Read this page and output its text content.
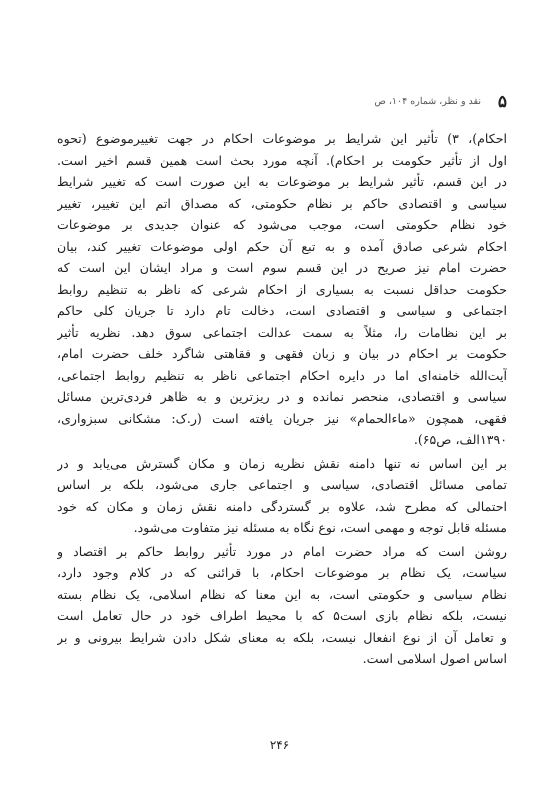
۵
نقد و نظر، شماره ۱۰۴، ص
احکام)، ۳) تأثیر این شرایط بر موضوعات احکام در جهت تغییرموضوع (تحوه
اول از تأثیر حکومت بر احکام). آنچه مورد بحث است همین قسم اخیر است.
در این قسم، تأثیر شرایط بر موضوعات به این صورت است که تغییر شرایط
سیاسی و اقتصادی حاکم بر نظام حکومتی، که مصداق اتم این تغییر، تغییر
خود نظام حکومتی است، موجب می‌شود که عنوان جدیدی بر موضوعات
احکام شرعی صادق آمده و به تبع آن حکم اولی موضوعات تغییر کند، بیان
حضرت امام نیز صریح در این قسم سوم است و مراد ایشان این است که
حکومت حداقل نسبت به بسیاری از احکام شرعی که ناظر به تنظیم روابط
اجتماعی و سیاسی و اقتصادی است، دخالت تام دارد تا جریان کلی حاکم
بر این نظامات را، مثلاً به سمت عدالت اجتماعی سوق دهد. نظریه تأثیر
حکومت بر احکام در بیان و زبان فقهی و فقاهتی شاگرد خلف حضرت امام،
آیت‌الله خامنه‌ای اما در دایره احکام اجتماعی ناظر به تنظیم روابط اجتماعی،
سیاسی و اقتصادی، منحصر نمانده و در ریزترین و به ظاهر فردی‌ترین مسائل
فقهی، همچون «ماءالحمام» نیز جریان یافته است (ر.ک: مشکانی سبزواری،
۱۳۹۰الف، ص۶۵).
بر این اساس نه تنها دامنه نقش نظریه زمان و مکان گسترش می‌یابد و در
تمامی مسائل اقتصادی، سیاسی و اجتماعی جاری می‌شود، بلکه بر اساس
احتمالی که مطرح شد، علاوه بر گستردگی دامنه نقش زمان و مکان که خود
مسئله قابل توجه و مهمی است، نوع نگاه به مسئله نیز متفاوت می‌شود.
روشن است که مراد حضرت امام در مورد تأثیر روابط حاکم بر اقتصاد و
سیاست، یک نظام بر موضوعات احکام، با قرائنی که در کلام وجود دارد،
نظام سیاسی و حکومتی است، به این معنا که نظام اسلامی، یک نظام بسته
نیست، بلکه نظام بازی است۵ که با محیط اطراف خود در حال تعامل است
و تعامل آن از نوع انفعال نیست، بلکه به معنای شکل دادن شرایط بیرونی و بر
اساس اصول اسلامی است.
۲۴۶
